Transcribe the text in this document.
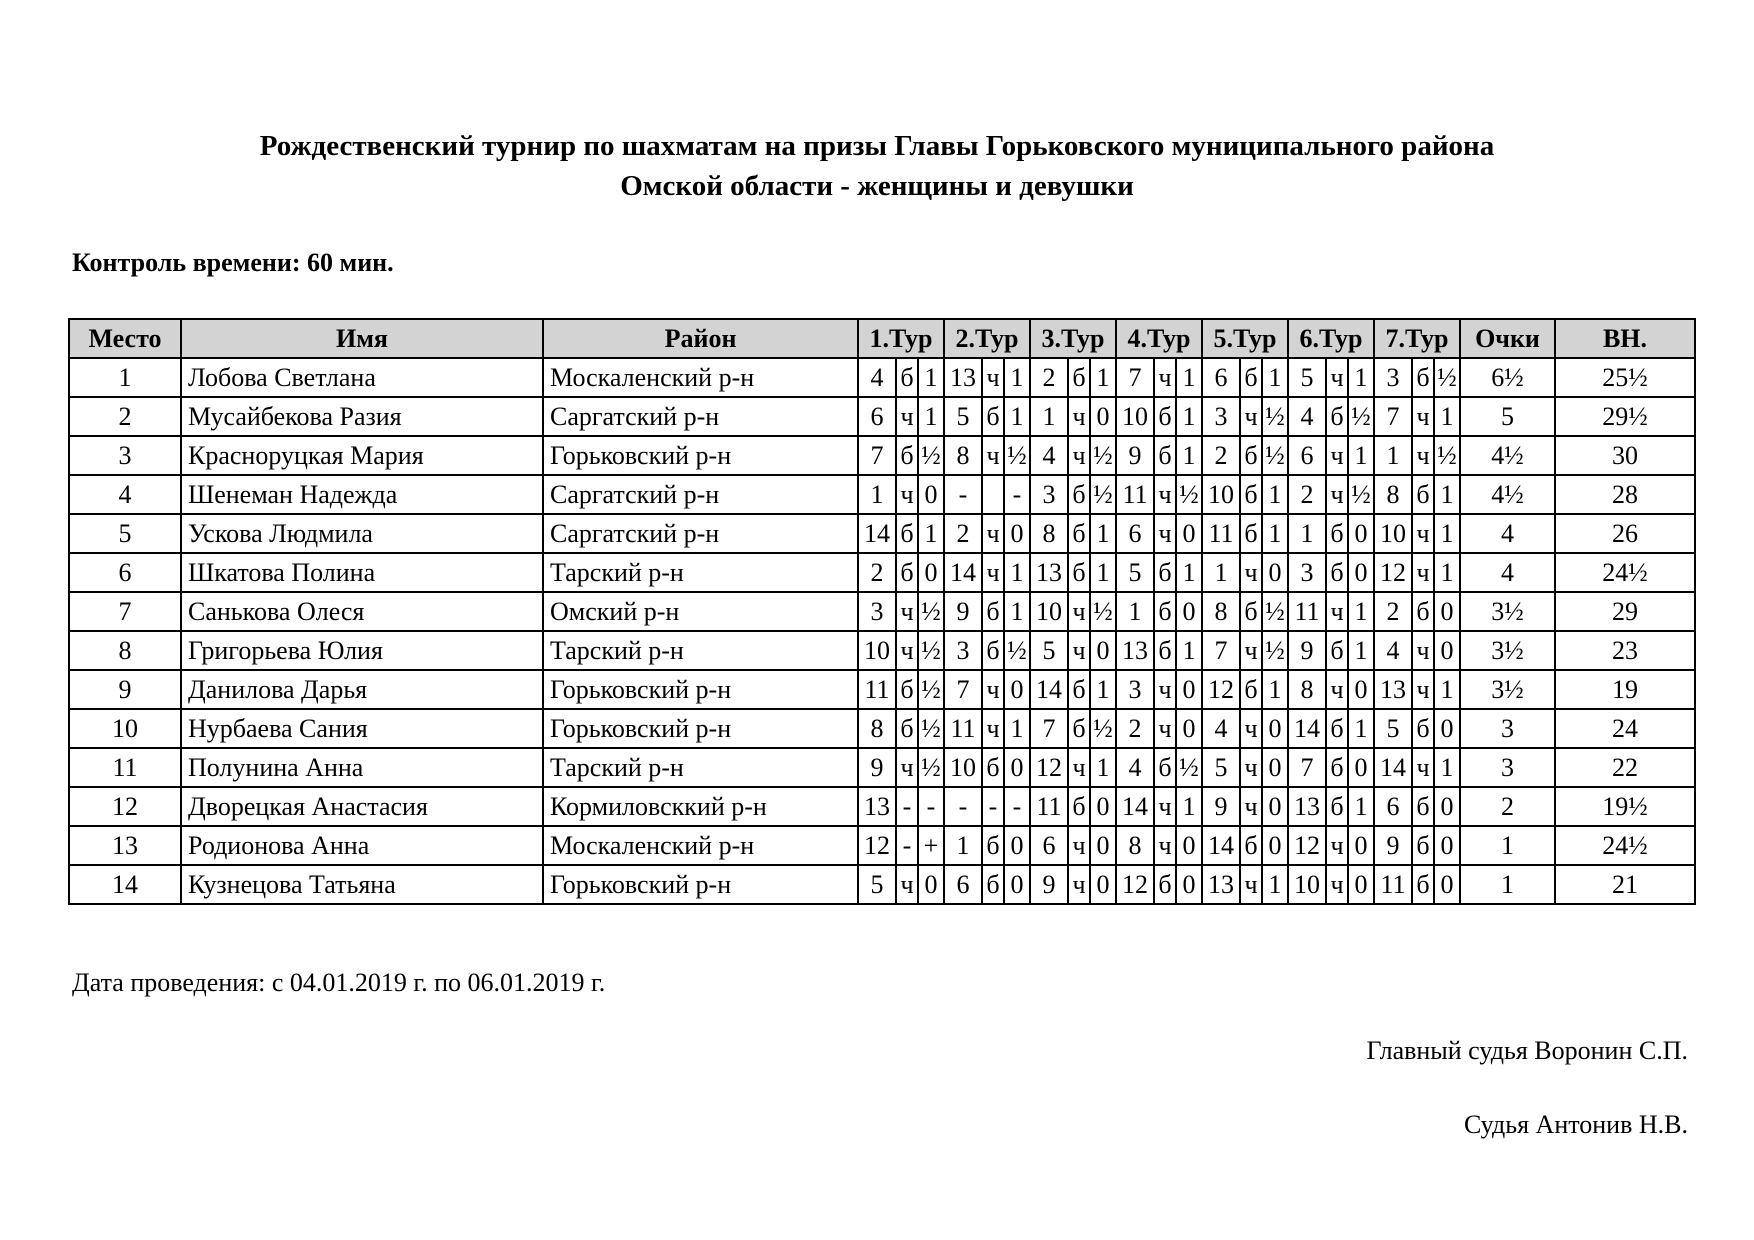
Рождественский турнир по шахматам на призы Главы Горьковского муниципального района
Омской области - женщины и девушки
Контроль времени: 60 мин.
Место	Имя	Район	1.Тур			2.Тур			3.Тур			4.Тур			5.Тур			6.Тур			7.Тур			Очки	ВН.
1	Лобова Светлана	Москаленский р-н	4	б	1	13	ч	1	2	б	1	7	ч	1	6	б	1	5	ч	1	3	б	½	6½	25½
2	Мусайбекова Разия	Саргатский р-н	6	ч	1	5	б	1	1	ч	0	10	б	1	3	ч	½	4	б	½	7	ч	1	5	29½
3	Красноруцкая Мария	Горьковский р-н	7	б	½	8	ч	½	4	ч	½	9	б	1	2	б	½	6	ч	1	1	ч	½	4½	30
4	Шенеман Надежда	Саргатский р-н	1	ч	0	-		-	3	б	½	11	ч	½	10	б	1	2	ч	½	8	б	1	4½	28
5	Ускова Людмила	Саргатский р-н	14	б	1	2	ч	0	8	б	1	6	ч	0	11	б	1	1	б	0	10	ч	1	4	26
6	Шкатова Полина	Тарский р-н	2	б	0	14	ч	1	13	б	1	5	б	1	1	ч	0	3	б	0	12	ч	1	4	24½
7	Санькова Олеся	Омский р-н	3	ч	½	9	б	1	10	ч	½	1	б	0	8	б	½	11	ч	1	2	б	0	3½	29
8	Григорьева Юлия	Тарский р-н	10	ч	½	3	б	½	5	ч	0	13	б	1	7	ч	½	9	б	1	4	ч	0	3½	23
9	Данилова Дарья	Горьковский р-н	11	б	½	7	ч	0	14	б	1	3	ч	0	12	б	1	8	ч	0	13	ч	1	3½	19
10	Нурбаева Сания	Горьковский р-н	8	б	½	11	ч	1	7	б	½	2	ч	0	4	ч	0	14	б	1	5	б	0	3	24
11	Полунина Анна	Тарский р-н	9	ч	½	10	б	0	12	ч	1	4	б	½	5	ч	0	7	б	0	14	ч	1	3	22
12	Дворецкая Анастасия	Кормиловсккий р-н	13	-	-	-	-	-	11	б	0	14	ч	1	9	ч	0	13	б	1	6	б	0	2	19½
13	Родионова Анна	Москаленский р-н	12	-	+	1	б	0	6	ч	0	8	ч	0	14	б	0	12	ч	0	9	б	0	1	24½
14	Кузнецова Татьяна	Горьковский р-н	5	ч	0	6	б	0	9	ч	0	12	б	0	13	ч	1	10	ч	0	11	б	0	1	21
Дата проведения: с 04.01.2019 г. по 06.01.2019 г.
Главный судья Воронин С.П.
Судья Антонив Н.В.
